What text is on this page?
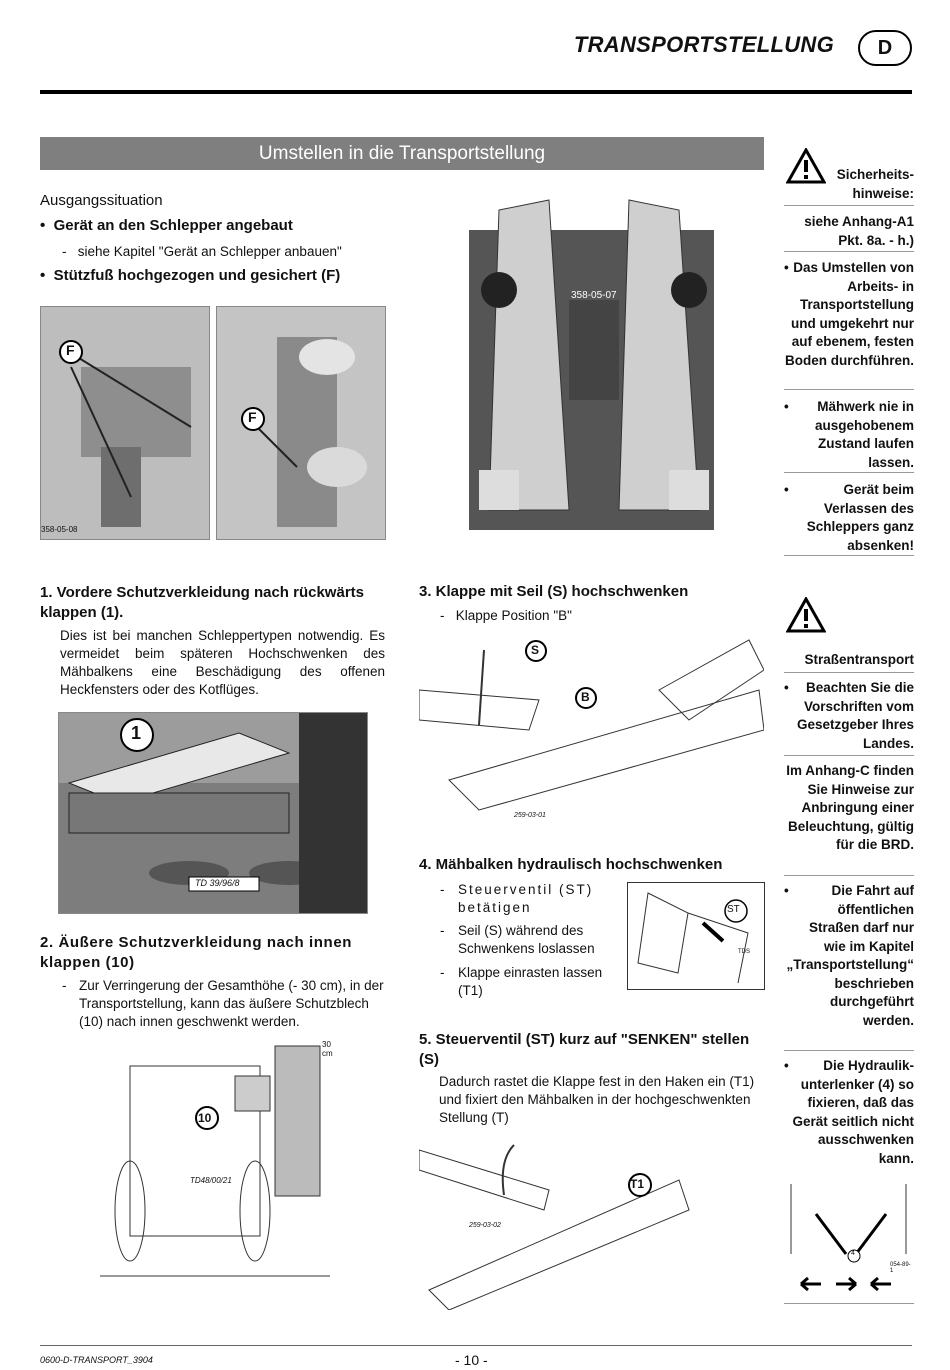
TRANSPORTSTELLUNG	D
Umstellen in die Transportstellung
Ausgangssituation
•  Gerät an den Schlepper angebaut
-   siehe Kapitel "Gerät an Schlepper anbauen"
•  Stützfuß hochgezogen und gesichert (F)
F
358-05-08
F
358-05-07
1. Vordere Schutzverkleidung nach rückwärts klappen (1).
Dies ist bei manchen Schleppertypen notwendig. Es vermeidet beim späteren Hochschwenken des Mähbalkens eine Beschädigung des offenen Heckfensters oder des Kotflüges.
1
TD 39/96/8
2. Äußere Schutzverkleidung nach innen klappen (10)
- Zur Verringerung der Gesamthöhe (- 30 cm), in der Transportstellung, kann das äußere Schutzblech (10) nach innen geschwenkt werden.
10
TD48/00/21
30 cm
3. Klappe mit Seil (S) hochschwenken
-   Klappe Position "B"
S
B
259-03-01
4. Mähbalken hydraulisch hochschwenken
- Steuerventil (ST) betätigen
- Seil (S) während des Schwenkens loslassen
- Klappe einrasten lassen (T1)
ST
TDS
5. Steuerventil (ST) kurz auf "SENKEN" stellen (S)
Dadurch rastet die Klappe fest in den Haken ein (T1) und fixiert den Mähbalken in der hochgeschwenkten Stellung (T)
T1
259-03-02
Sicherheits-hinweise:
siehe Anhang-A1 Pkt. 8a. - h.)
• Das Umstellen von Arbeits- in Transportstellung und umgekehrt nur auf ebenem, festen Boden durchführen.
• Mähwerk nie in ausgehobenem Zustand laufen lassen.
•	Gerät beim Verlassen des Schleppers ganz absenken!
Straßentransport
• Beachten Sie die Vorschriften vom Gesetzgeber Ihres Landes.
Im Anhang-C finden Sie Hinweise zur Anbringung einer Beleuchtung, gültig für die BRD.
•	Die Fahrt auf öffentlichen Straßen darf nur wie im Kapitel „Transportstellung“ beschrieben durchgeführt werden.
•	Die Hydraulik-unterlenker (4) so fixieren, daß das Gerät seitlich nicht ausschwenken kann.
4
054-89-1
0600-D-TRANSPORT_3904	- 10 -
